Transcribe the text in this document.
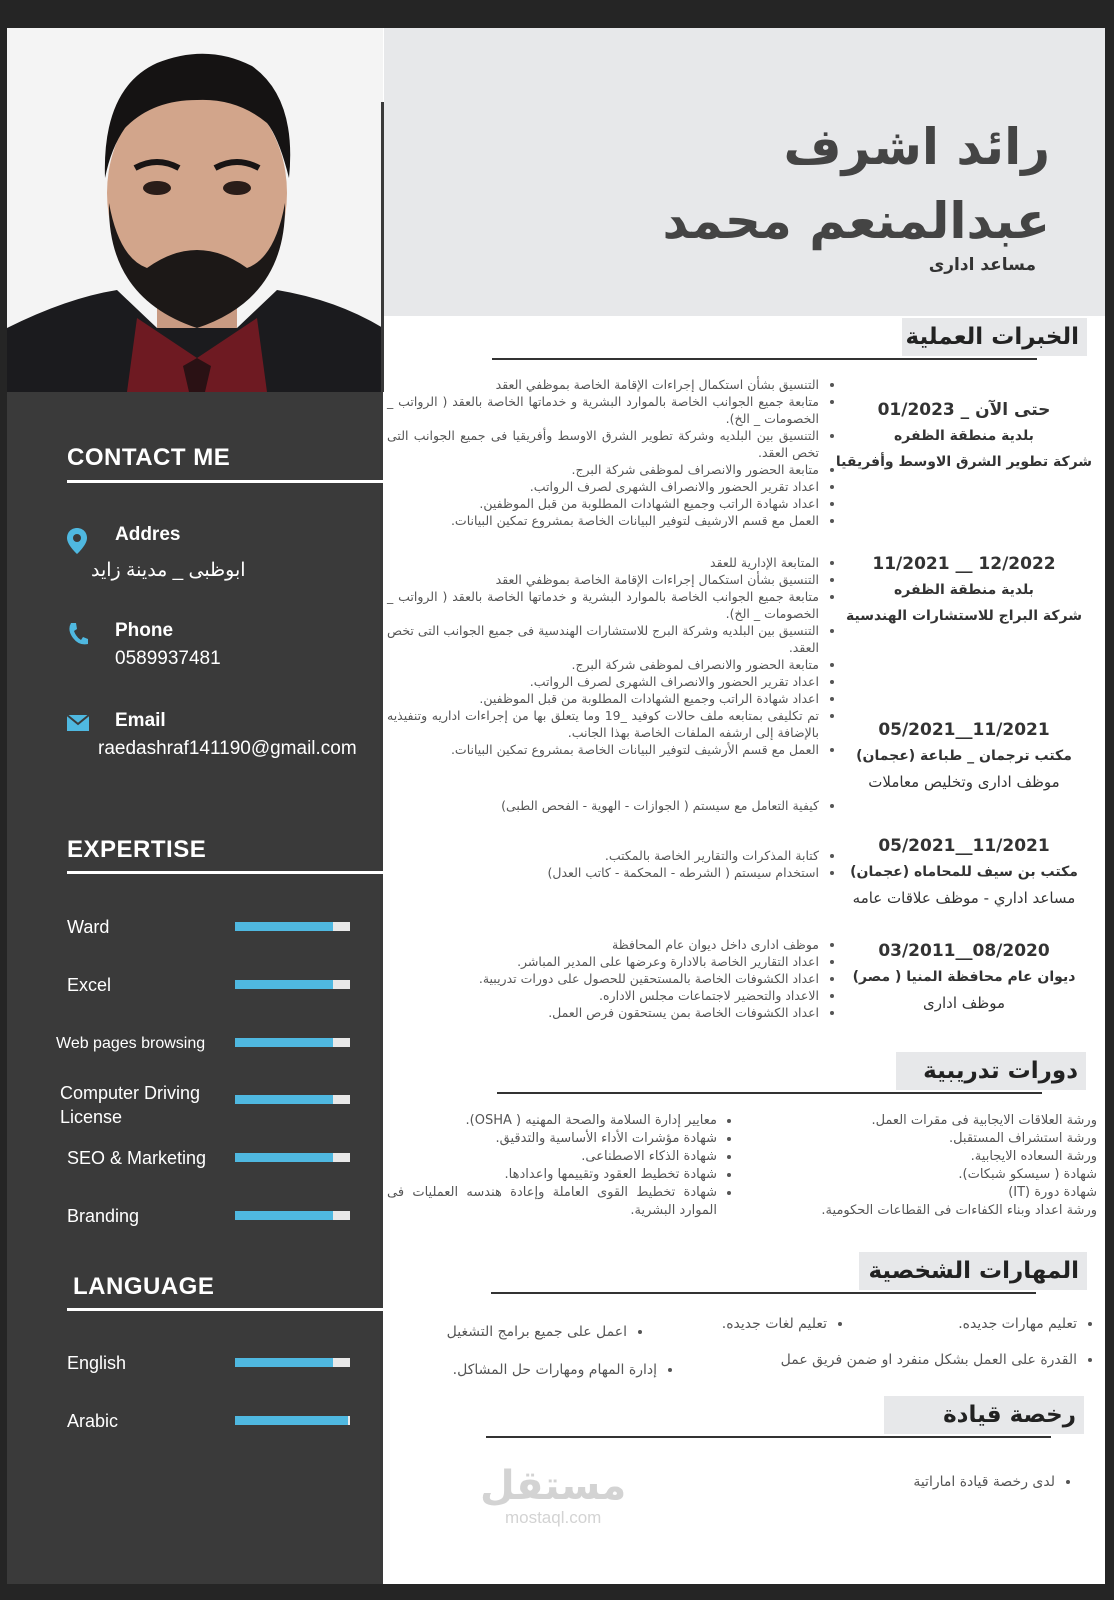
CONTACT ME
Addres
ابوظبی _ مدینة زاید
Phone
0589937481
Email
raedashraf141190@gmail.com
EXPERTISE
Ward
Excel
Web pages browsing
Computer Driving License
SEO & Marketing
Branding
LANGUAGE
English
Arabic
رائد اشرف
عبدالمنعم محمد
مساعد اداری
الخبرات العملية
• التنسيق بشأن استكمال إجراءات الإقامة الخاصة بموظفي العقد
• متابعة جميع الجوانب الخاصة بالموارد البشرية و خدماتها الخاصة بالعقد ( الرواتب _ الخصومات _ الخ).
• التنسيق بين البلديه وشركة تطوير الشرق الاوسط وأفريقيا فى جميع الجوانب التى تخص العقد.
• متابعة الحضور والانصراف لموظفى شركة البرج.
• اعداد تقرير الحضور والانصراف الشهرى لصرف الرواتب.
• اعداد شهادة الراتب وجميع الشهادات المطلوبة من قبل الموظفين.
• العمل مع قسم الارشيف لتوفير البيانات الخاصة بمشروع تمكين البيانات.
حتى الآن _ 01/2023
بلدية منطقة الظفره
شركة تطوير الشرق الاوسط وأفريقيا
• المتابعة الإدارية للعقد
• التنسيق بشأن استكمال إجراءات الإقامة الخاصة بموظفي العقد
• متابعة جميع الجوانب الخاصة بالموارد البشرية و خدماتها الخاصة بالعقد ( الرواتب _ الخصومات _ الخ).
• التنسيق بين البلديه وشركة البرج للاستشارات الهندسية فى جميع الجوانب التى تخص العقد.
• متابعة الحضور والانصراف لموظفى شركة البرج.
• اعداد تقرير الحضور والانصراف الشهرى لصرف الرواتب.
• اعداد شهادة الراتب وجميع الشهادات المطلوبة من قبل الموظفين.
• تم تكليفى بمتابعه ملف حالات كوفيد _19 وما يتعلق بها من إجراءات اداريه وتنفيذيه بالإضافة إلى ارشفه الملفات الخاصة بهذا الجانب.
• العمل مع قسم الأرشيف لتوفير البيانات الخاصة بمشروع تمكين البيانات.
12/2022 __ 11/2021
بلدية منطقة الظفره
شركة البراج للاستشارات الهندسية
• كيفية التعامل مع سيستم ( الجوازات - الهوية - الفحص الطبى)
11/2021__05/2021
مكتب ترجمان _ طباعة (عجمان)
موظف اداری وتخليص معاملات
• كتابة المذكرات والتقارير الخاصة بالمكتب.
• استخدام سيستم ( الشرطه - المحكمة - كاتب العدل)
11/2021__05/2021
مكتب بن سيف للمحاماه (عجمان)
مساعد اداري - موظف علاقات عامه
• موظف ادارى داخل ديوان عام المحافظة
• اعداد التقارير الخاصة بالادارة وعرضها على المدير المباشر.
• اعداد الكشوفات الخاصة بالمستحقين للحصول على دورات تدريبية.
• الاعداد والتحضير لاجتماعات مجلس الاداره.
• اعداد الكشوفات الخاصة بمن يستحقون فرص العمل.
08/2020__03/2011
ديوان عام محافظة المنيا ( مصر)
موظف اداری
دورات تدريبية
• ورشة العلاقات الايجابية فى مقرات العمل.
• ورشة استشراف المستقبل.
• ورشة السعاده الايجابية.
• شهادة ( سيسكو شبكات).
• شهادة دورة (IT)
• ورشة اعداد وبناء الكفاءات فى القطاعات الحكومية.
• معايير إدارة السلامة والصحة المهنيه ( OSHA).
• شهادة مؤشرات الأداء الأساسية والتدقيق.
• شهادة الذكاء الاصطناعى.
• شهادة تخطيط العقود وتقييمها واعدادها.
• شهادة تخطيط القوى العاملة وإعادة هندسه العمليات فى الموارد البشرية.
المهارات الشخصية
• تعليم مهارات جديده.
• تعليم لغات جديده.
• اعمل على جميع برامج التشغيل
• القدرة على العمل بشكل منفرد او ضمن فريق عمل
• إدارة المهام ومهارات حل المشاكل.
رخصة قيادة
• لدى رخصة قيادة اماراتية
مستقل
mostaql.com
